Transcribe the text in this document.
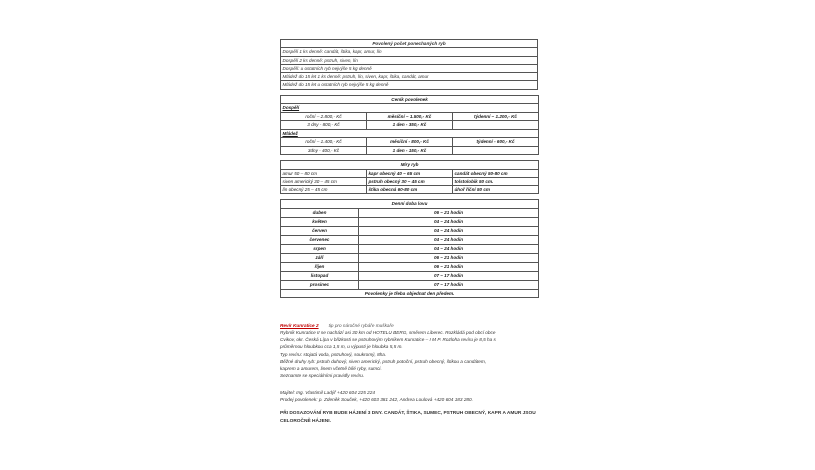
Povolený počet ponechaných ryb
Dospělí 1 ks denně: candát, štika, kapr, amur, lín
Dospělí 2 ks denně: pstruh, siven, lín
Dospělí: u ostatních ryb nejvýše 5 kg denně
Mládež do 15 let 1 ks denně: pstruh, lín, siven, kapr, štika, candát, amur
Mládež do 15 let u ostatních ryb nejvýše 5 kg denně
Ceník povolenek		
Dospělí		
roční – 2.800,- Kč	měsíční – 1.500,- Kč	týdenní – 1.200,- Kč
3 dny - 800,- Kč	1 den - 350,- Kč	
Mládež		
roční – 1.400,- Kč	měsíční - 800,- Kč	týdenní - 600,- Kč
3dny - 400,- Kč	1 den - 150,- Kč	
Míry ryb		
amur 50 – 80 cm	kapr obecný 40 – 65 cm	candát obecný 50-80 cm
siven americký 30 – 45 cm	pstruh obecný 30 – 45 cm	tolstolobik 50 cm.
lín obecný 25 – 45 cm	štika obecná 60-80 cm	úhoř říční 50 cm
Denní doba lovu	
duben	06 – 21 hodin
květen	04 – 24 hodin
červen	04 – 24 hodin
červenec	04 – 24 hodin
srpen	04 – 24 hodin
září	06 – 21 hodin
říjen	06 – 21 hodin
listopad	07 – 17 hodin
prosinec	07 – 17 hodin
Povolenky je třeba objednat den předem.	
Revír Kunratice 2 tip pro náročné rybáře muškaře
Rybník Kunratice II se nachází asi 30 km od HOTELU BERG, směrem Liberec. Rozkládá pod obcí obce
Cvikov, okr. Česká Lípa v blízkosti se pstruhovým rybníkem Kunratice – I M P. Rozloha revíru je 8,5 ha s
průměrnou hloubkou cca 1,5 m, u výpusti je hloubka 5,5 m.
Typ revíru: stojatá voda, pstruhový, soukromý, 8ha.
Běžné druhy ryb: pstruh duhový, siven americký, pstruh potoční, pstruh obecný, štikou a candátem,
kaprem a amurem, linem včetně bílé ryby, sumci.
Seznamte se speciálními pravidly revíru.
Majitel: Ing. Vlastimil Ladýř +420 604 225 224
Prodej povolenek: p. Zdeněk Souček, +420 603 381 242, Andrea Loulová +420 604 183 280.
PŘI DOSAZOVÁNÍ RYB BUDE HÁJENÍ 3 DNY. CANDÁT, ŠTIKA, SUMEC, PSTRUH OBECNÝ, KAPR A AMUR JSOU CELOROČNĚ HÁJENI.
